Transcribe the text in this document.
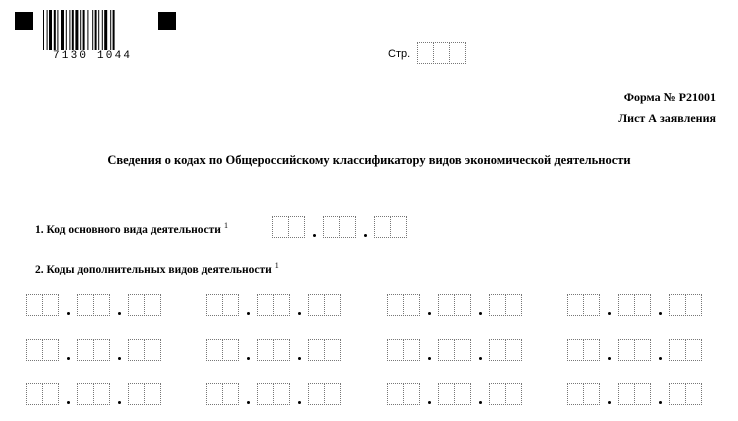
7130 1044	Стр.
Форма № Р21001
Лист А заявления
Сведения о кодах по Общероссийскому классификатору видов экономической деятельности
1. Код основного вида деятельности $^1$
2. Коды дополнительных видов деятельности $^1$
